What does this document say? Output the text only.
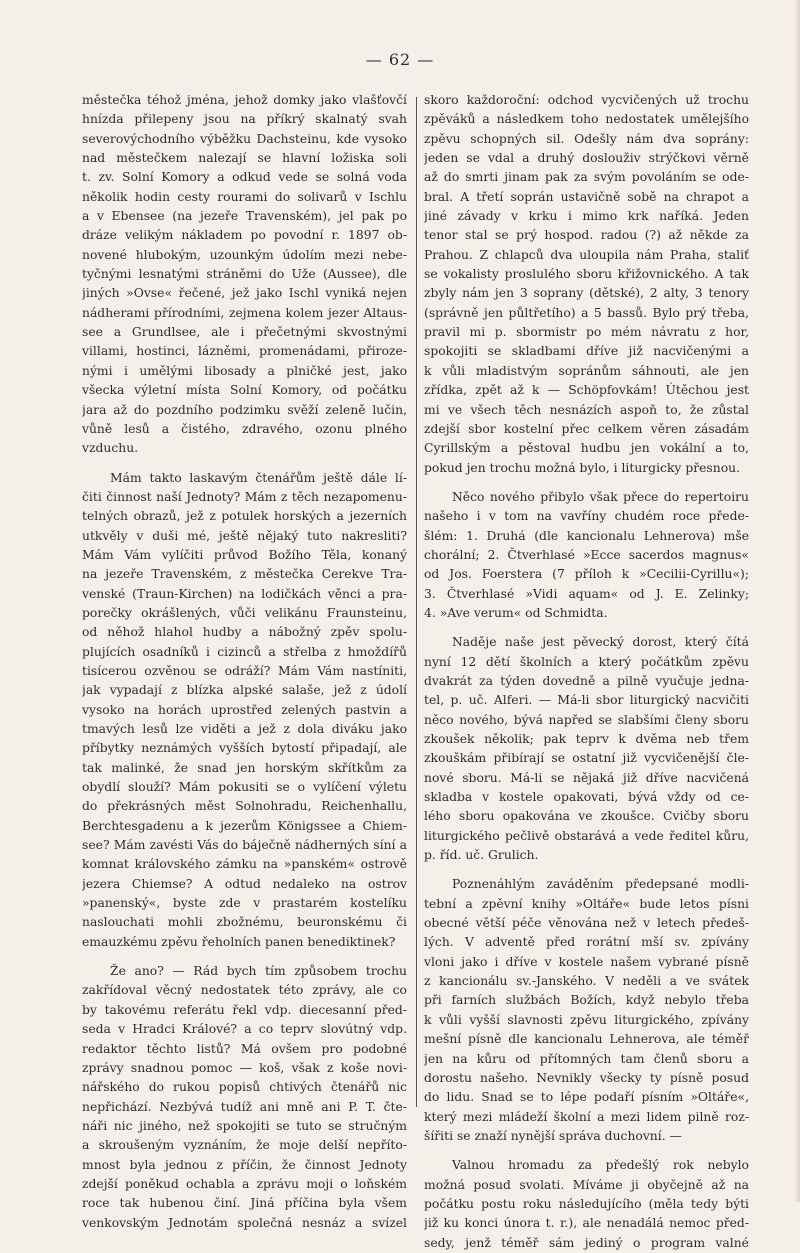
— 62 —
městečka téhož jména, jehož domky jako vlašťovčí
hnízda přilepeny jsou na příkrý skalnatý svah
severovýchodního výběžku Dachsteinu, kde vysoko
nad městečkem nalezají se hlavní ložiska soli
t. zv. Solní Komory a odkud vede se solná voda
několik hodin cesty rourami do solivarů v Ischlu
a v Ebensee (na jezeře Travenském), jel pak po
dráze velikým nákladem po povodní r. 1897 ob-
novené hlubokým, uzounkým údolím mezi nebe-
tyčnými lesnatými stráněmi do Uže (Aussee), dle
jiných »Ovse« řečené, jež jako Ischl vyniká nejen
nádherami přírodními, zejmena kolem jezer Altaus-
see a Grundlsee, ale i přečetnými skvostnými
villami, hostinci, lázněmi, promenádami, přiroze-
nými i umělými libosady a plničké jest, jako
všecka výletní místa Solní Komory, od počátku
jara až do pozdního podzimku svěží zeleně lučin,
vůně lesů a čistého, zdravého, ozonu plného
vzduchu.
Mám takto laskavým čtenářům ještě dále lí-
čiti činnost naší Jednoty? Mám z těch nezapomenu-
telných obrazů, jež z potulek horských a jezerních
utkvěly v duši mé, ještě nějaký tuto nakresliti?
Mám Vám vylíčiti průvod Božího Těla, konaný
na jezeře Travenském, z městečka Cerekve Tra-
venské (Traun-Kirchen) na lodičkách věnci a pra-
porečky okrášlených, vůči velikánu Fraunsteinu,
od něhož hlahol hudby a nábožný zpěv spolu-
plujících osadníků i cizinců a střelba z hmoždířů
tisícerou ozvěnou se odráží? Mám Vám nastíniti,
jak vypadají z blízka alpské salaše, jež z údolí
vysoko na horách uprostřed zelených pastvin a
tmavých lesů lze viděti a jež z dola diváku jako
příbytky neznámých vyšších bytostí připadají, ale
tak malinké, že snad jen horským skřítkům za
obydlí slouží? Mám pokusiti se o vylíčení výletu
do překrásných měst Solnohradu, Reichenhallu,
Berchtesgadenu a k jezerům Königssee a Chiem-
see? Mám zavésti Vás do báječně nádherných síní a
komnat královského zámku na »panském« ostrově
jezera Chiemse? A odtud nedaleko na ostrov
»panenský«, byste zde v prastarém kostelíku
naslouchati mohli zbožnému, beuronskému či
emauzkému zpěvu řeholních panen benediktinek?
Že ano? — Rád bych tím způsobem trochu
zakřídoval věcný nedostatek této zprávy, ale co
by takovému referátu řekl vdp. diecesanní před-
seda v Hradci Králové? a co teprv slovútný vdp.
redaktor těchto listů? Má ovšem pro podobné
zprávy snadnou pomoc — koš, však z koše novi-
nářského do rukou popisů chtivých čtenářů nic
nepřichází. Nezbývá tudíž ani mně ani P. T. čte-
náři nic jiného, než spokojiti se tuto se stručným
a skroušeným vyznáním, že moje delší nepříto-
mnost byla jednou z příčin, že činnost Jednoty
zdejší poněkud ochabla a zprávu moji o loňském
roce tak hubenou činí. Jiná příčina byla všem
venkovským Jednotám společná nesnáz a svízel
skoro každoroční: odchod vycvičených už trochu
zpěváků a následkem toho nedostatek umělejšího
zpěvu schopných sil. Odešly nám dva soprány:
jeden se vdal a druhý doslouživ strýčkovi věrně
až do smrti jinam pak za svým povoláním se ode-
bral. A třetí soprán ustavičně sobě na chrapot a
jiné závady v krku i mimo krk naříká. Jeden
tenor stal se prý hospod. radou (?) až někde za
Prahou. Z chlapců dva uloupila nám Praha, staliť
se vokalisty proslulého sboru křižovnického. A tak
zbyly nám jen 3 soprany (dětské), 2 alty, 3 tenory
(správně jen půltřetího) a 5 bassů. Bylo prý třeba,
pravil mi p. sbormistr po mém návratu z hor,
spokojiti se skladbami dříve již nacvičenými a
k vůli mladistvým sopránům sáhnouti, ale jen
zřídka, zpět až k — Schöpfovkám! Útěchou jest
mi ve všech těch nesnázích aspoň to, že zůstal
zdejší sbor kostelní přec celkem věren zásadám
Cyrillským a pěstoval hudbu jen vokální a to,
pokud jen trochu možná bylo, i liturgicky přesnou.
Něco nového přibylo však přece do repertoiru
našeho i v tom na vavříny chudém roce přede-
šlém: 1. Druhá (dle kancionalu Lehnerova) mše
chorální; 2. Čtverhlasé »Ecce sacerdos magnus«
od Jos. Foerstera (7 příloh k »Cecilii-Cyrillu«);
3. Čtverhlasé »Vidi aquam« od J. E. Zelinky;
4. »Ave verum« od Schmidta.
Naděje naše jest pěvecký dorost, který čítá
nyní 12 dětí školních a který počátkům zpěvu
dvakrát za týden dovedně a pilně vyučuje jedna-
tel, p. uč. Alferi. — Má-li sbor liturgický nacvičiti
něco nového, bývá napřed se slabšími členy sboru
zkoušek několik; pak teprv k dvěma neb třem
zkouškám přibírají se ostatní již vycvičenější čle-
nové sboru. Má-li se nějaká již dříve nacvičená
skladba v kostele opakovati, bývá vždy od ce-
lého sboru opakována ve zkoušce. Cvičby sboru
liturgického pečlivě obstarává a vede ředitel kůru,
p. říd. uč. Grulich.
Poznenáhlým zaváděním předepsané modli-
tební a zpěvní knihy »Oltáře« bude letos písni
obecné větší péče věnována než v letech předeš-
lých. V adventě před rorátní mší sv. zpívány
vloni jako i dříve v kostele našem vybrané písně
z kancionálu sv.-Janského. V neděli a ve svátek
při farních službách Božích, když nebylo třeba
k vůli vyšší slavnosti zpěvu liturgického, zpívány
mešní písně dle kancionalu Lehnerova, ale téměř
jen na kůru od přítomných tam členů sboru a
dorostu našeho. Nevnikly všecky ty písně posud
do lidu. Snad se to lépe podaří písním »Oltáře«,
který mezi mládeží školní a mezi lidem pilně roz-
šířiti se znaží nynější správa duchovní. —
Valnou hromadu za předešlý rok nebylo
možná posud svolati. Míváme ji obyčejně až na
počátku postu roku následujícího (měla tedy býti
již ku konci února t. r.), ale nenadálá nemoc před-
sedy, jenž téměř sám jediný o program valné
